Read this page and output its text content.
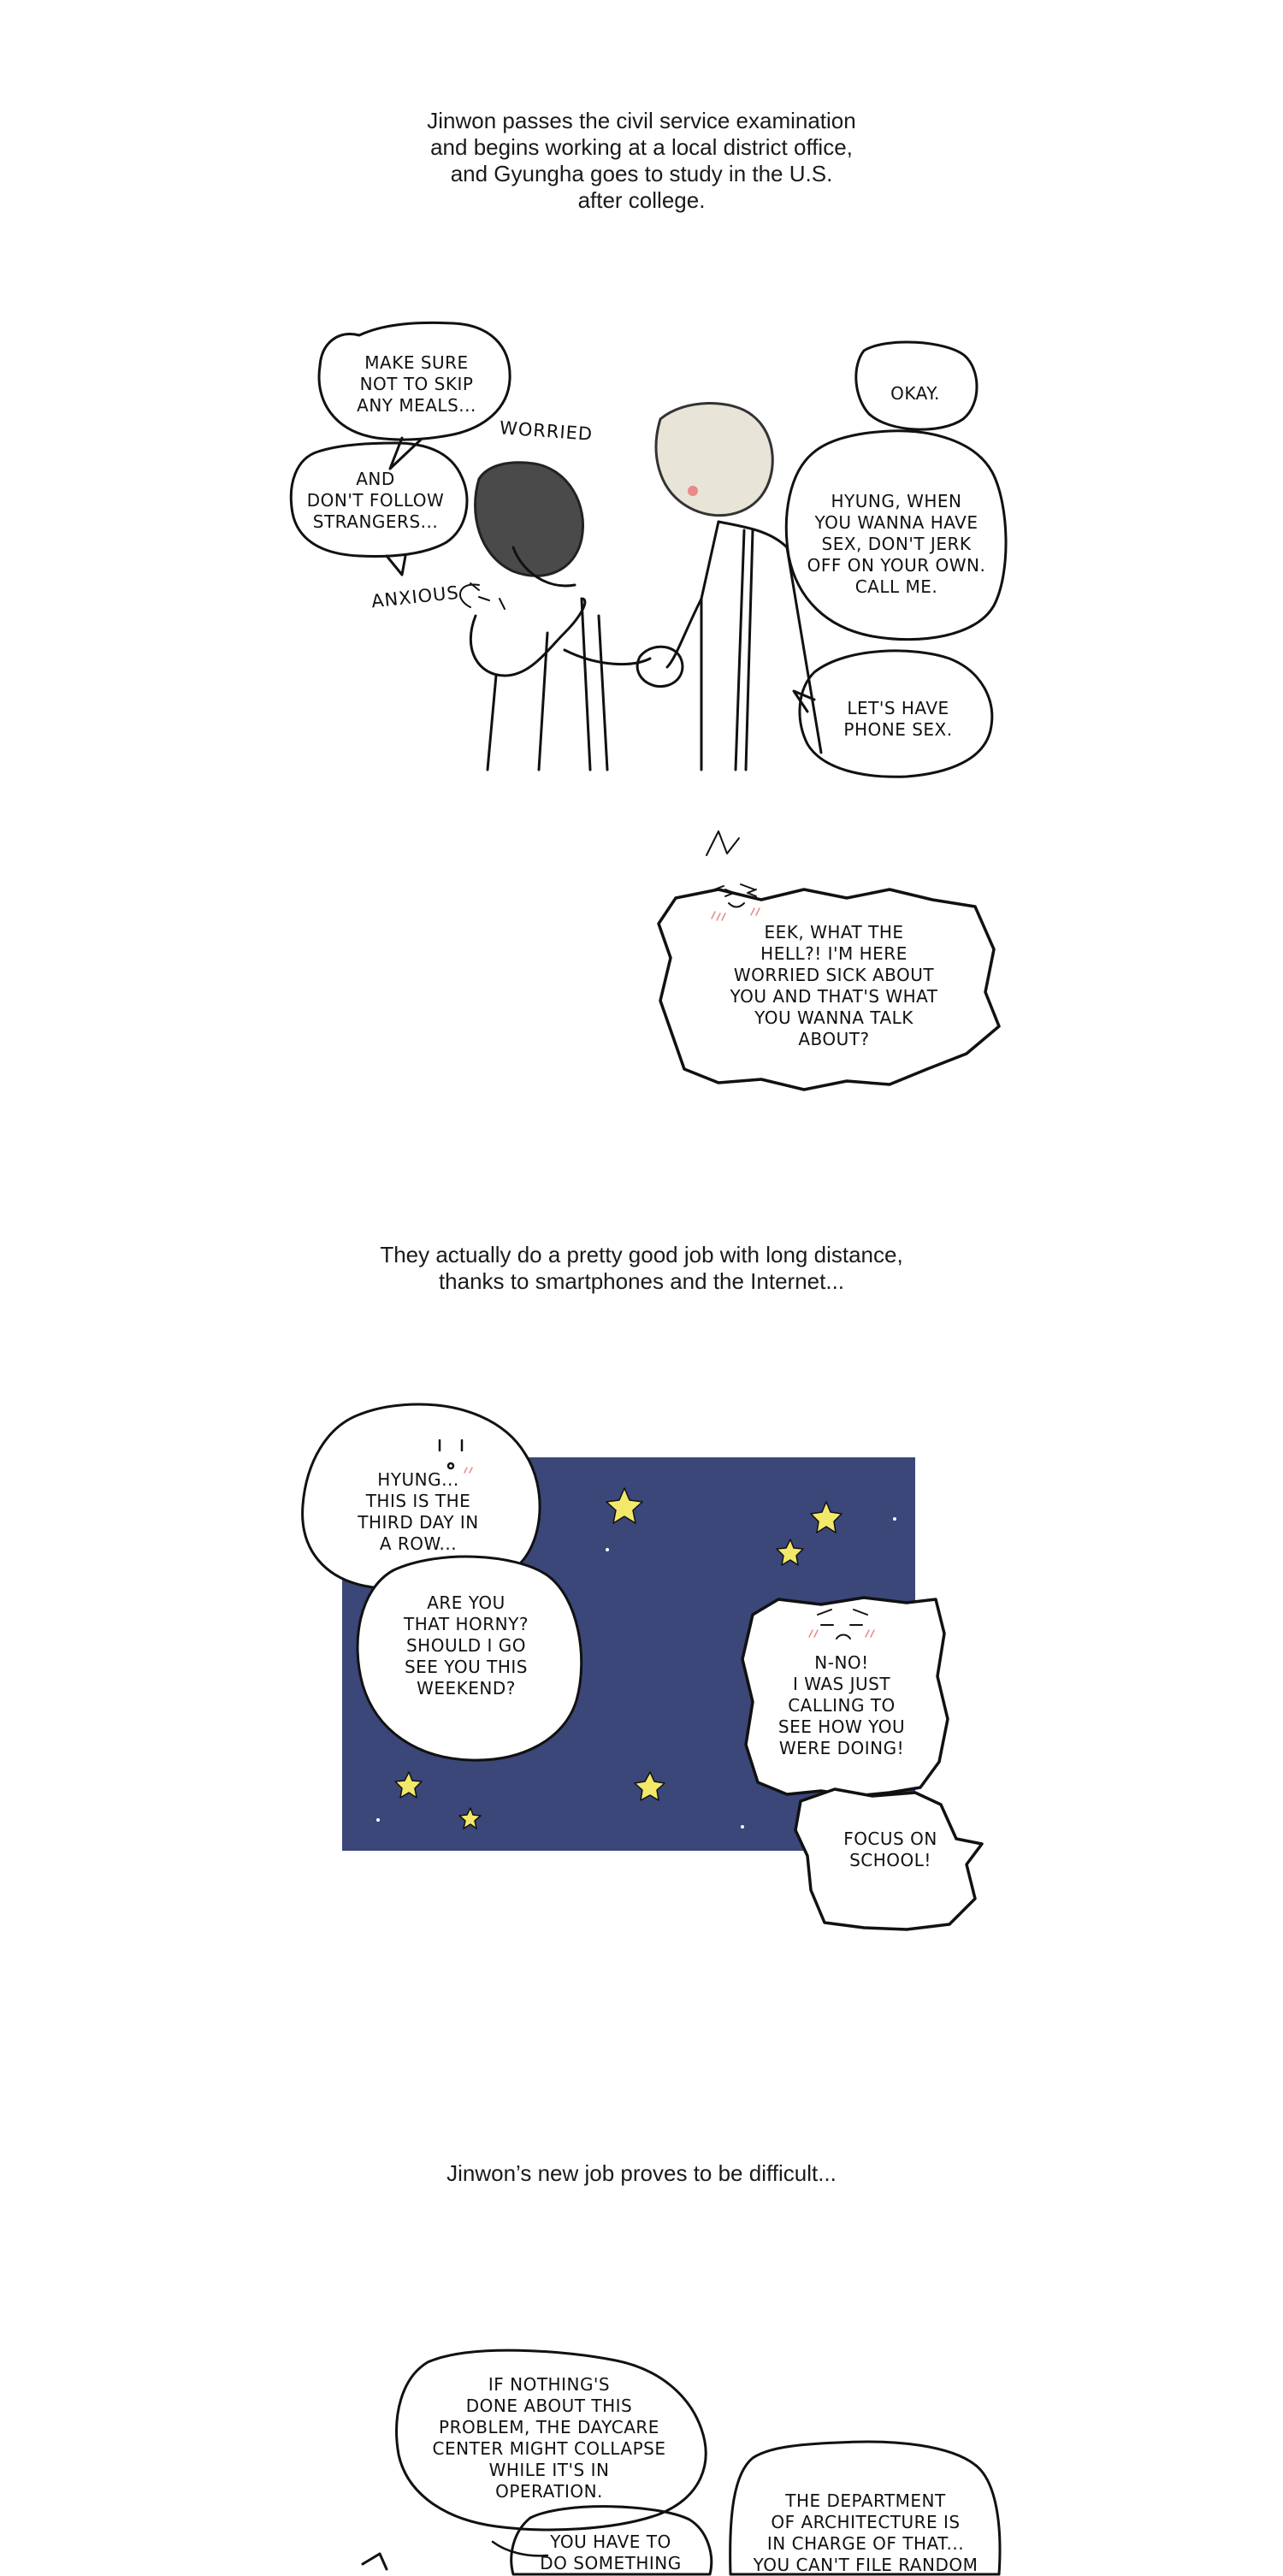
Jinwon passes the civil service examination
and begins working at a local district office,
and Gyungha goes to study in the U.S.
after college.
They actually do a pretty good job with long distance,
thanks to smartphones and the Internet...
Jinwon’s new job proves to be difficult...
WORRIED
ANXIOUS
MAKE SURE
NOT TO SKIP
ANY MEALS...
AND
DON'T FOLLOW
STRANGERS...
OKAY.
HYUNG, WHEN
YOU WANNA HAVE
SEX, DON'T JERK
OFF ON YOUR OWN.
CALL ME.
LET'S HAVE
PHONE SEX.
EEK, WHAT THE
HELL?! I'M HERE
WORRIED SICK ABOUT
YOU AND THAT'S WHAT
YOU WANNA TALK
ABOUT?
HYUNG...
THIS IS THE
THIRD DAY IN
A ROW...
ARE YOU
THAT HORNY?
SHOULD I GO
SEE YOU THIS
WEEKEND?
N-NO!
I WAS JUST
CALLING TO
SEE HOW YOU
WERE DOING!
FOCUS ON
SCHOOL!
IF NOTHING'S
DONE ABOUT THIS
PROBLEM, THE DAYCARE
CENTER MIGHT COLLAPSE
WHILE IT'S IN
OPERATION.
YOU HAVE TO
DO SOMETHING
THE DEPARTMENT
OF ARCHITECTURE IS
IN CHARGE OF THAT...
YOU CAN'T FILE RANDOM
